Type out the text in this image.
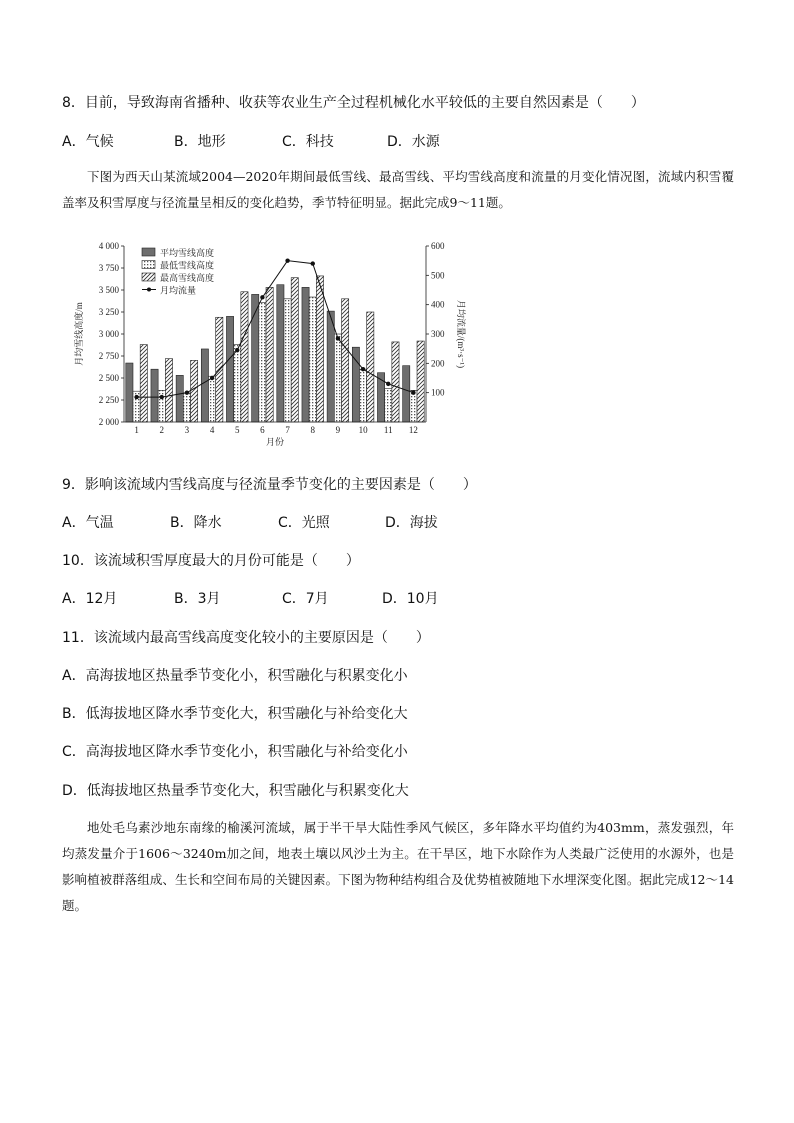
8．目前，导致海南省播种、收获等农业生产全过程机械化水平较低的主要自然因素是（　　）
A．气候	B．地形	C．科技	D．水源
下图为西天山某流域2004—2020年期间最低雪线、最高雪线、平均雪线高度和流量的月变化情况图，流域内积雪覆盖率及积雪厚度与径流量呈相反的变化趋势，季节特征明显。据此完成9～11题。
2 000
2 250
2 500
2 750
3 000
3 250
3 500
3 750
4 000
100
200
300
400
500
600
1 2 3 4 5 6 7 8 9 10 11 12
月份
月均雪线高度/m	月均流量/(m³·s⁻¹)
平均雪线高度
最低雪线高度
最高雪线高度
月均流量
9．影响该流域内雪线高度与径流量季节变化的主要因素是（　　）
A．气温	B．降水	C．光照	D．海拔
10．该流域积雪厚度最大的月份可能是（　　）
A．12月	B．3月	C．7月	D．10月
11．该流域内最高雪线高度变化较小的主要原因是（　　）
A．高海拔地区热量季节变化小，积雪融化与积累变化小
B．低海拔地区降水季节变化大，积雪融化与补给变化大
C．高海拔地区降水季节变化小，积雪融化与补给变化小
D．低海拔地区热量季节变化大，积雪融化与积累变化大
地处毛乌素沙地东南缘的榆溪河流域，属于半干旱大陆性季风气候区，多年降水平均值约为403mm，蒸发强烈，年均蒸发量介于1606～3240m加之间，地表土壤以风沙土为主。在干旱区，地下水除作为人类最广泛使用的水源外，也是影响植被群落组成、生长和空间布局的关键因素。下图为物种结构组合及优势植被随地下水埋深变化图。据此完成12～14题。
